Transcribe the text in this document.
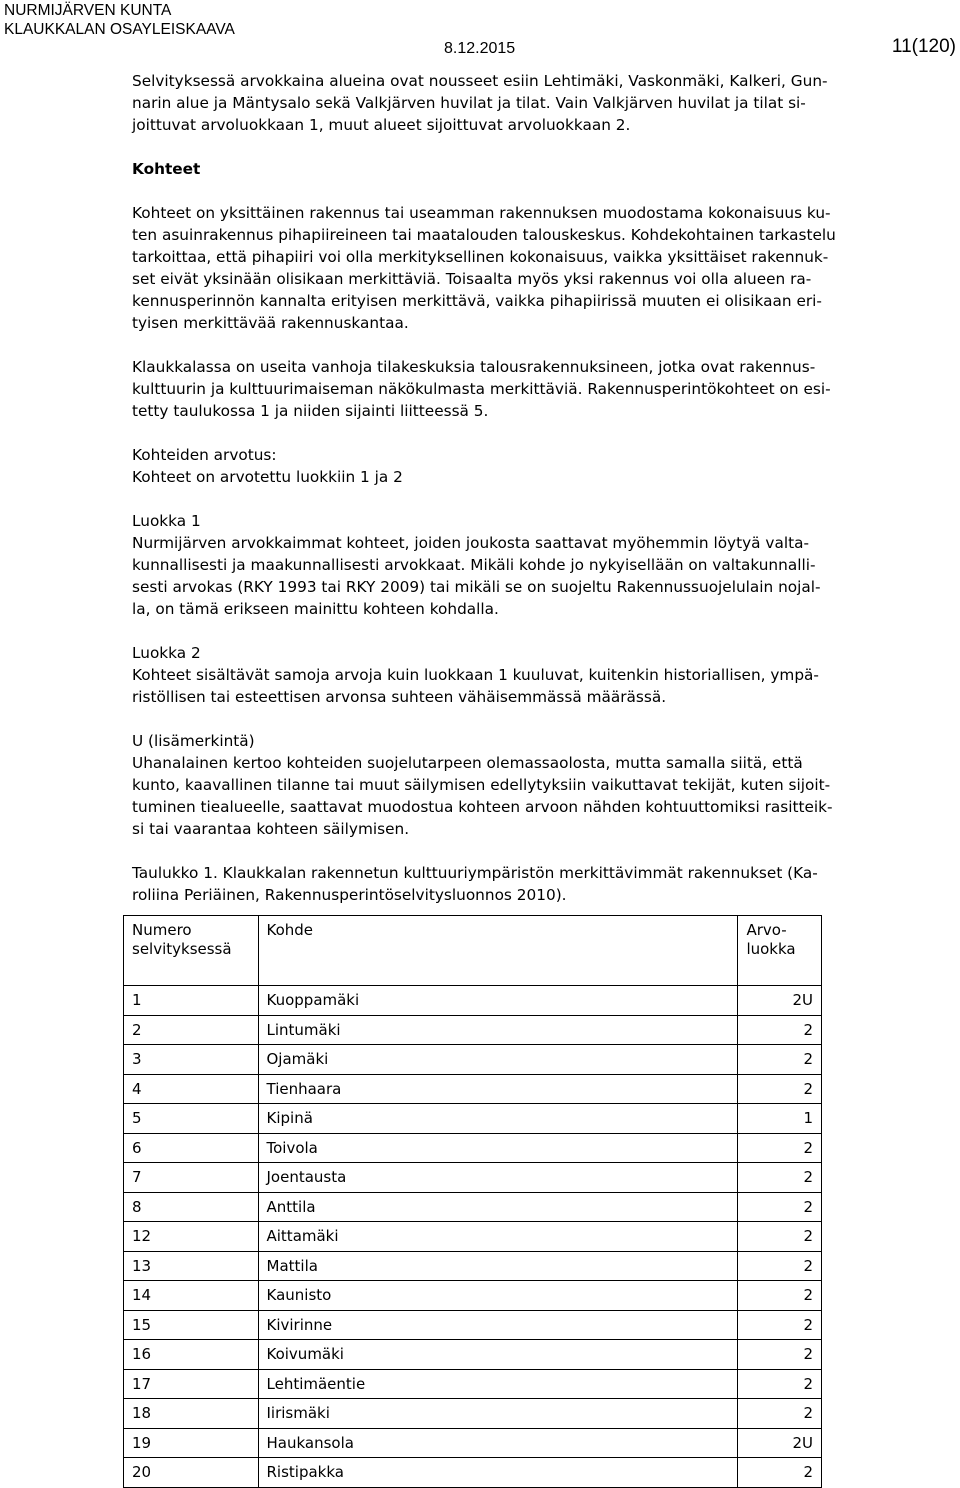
NURMIJÄRVEN KUNTA
KLAUKKALAN OSAYLEISKAAVA
8.12.2015	11(120)

Selvityksessä arvokkaina alueina ovat nousseet esiin Lehtimäki, Vaskonmäki, Kalkeri, Gun-

narin alue ja Mäntysalo sekä Valkjärven huvilat ja tilat. Vain Valkjärven huvilat ja tilat si-

joittuvat arvoluokkaan 1, muut alueet sijoittuvat arvoluokkaan 2.

Kohteet

Kohteet on yksittäinen rakennus tai useamman rakennuksen muodostama kokonaisuus ku-

ten asuinrakennus pihapiireineen tai maatalouden talouskeskus. Kohdekohtainen tarkastelu

tarkoittaa, että pihapiiri voi olla merkityksellinen kokonaisuus, vaikka yksittäiset rakennuk-

set eivät yksinään olisikaan merkittäviä. Toisaalta myös yksi rakennus voi olla alueen ra-

kennusperinnön kannalta erityisen merkittävä, vaikka pihapiirissä muuten ei olisikaan eri-

tyisen merkittävää rakennuskantaa.

Klaukkalassa on useita vanhoja tilakeskuksia talousrakennuksineen, jotka ovat rakennus-

kulttuurin ja kulttuurimaiseman näkökulmasta merkittäviä. Rakennusperintökohteet on esi-

tetty taulukossa 1 ja niiden sijainti liitteessä 5.

Kohteiden arvotus:

Kohteet on arvotettu luokkiin 1 ja 2

Luokka 1

Nurmijärven arvokkaimmat kohteet, joiden joukosta saattavat myöhemmin löytyä valta-

kunnallisesti ja maakunnallisesti arvokkaat. Mikäli kohde jo nykyisellään on valtakunnalli-

sesti arvokas (RKY 1993 tai RKY 2009) tai mikäli se on suojeltu Rakennussuojelulain nojal-

la, on tämä erikseen mainittu kohteen kohdalla.

Luokka 2

Kohteet sisältävät samoja arvoja kuin luokkaan 1 kuuluvat, kuitenkin historiallisen, ympä-

ristöllisen tai esteettisen arvonsa suhteen vähäisemmässä määrässä.

U (lisämerkintä)

Uhanalainen kertoo kohteiden suojelutarpeen olemassaolosta, mutta samalla siitä, että

kunto, kaavallinen tilanne tai muut säilymisen edellytyksiin vaikuttavat tekijät, kuten sijoit-

tuminen tiealueelle, saattavat muodostua kohteen arvoon nähden kohtuuttomiksi rasitteik-

si tai vaarantaa kohteen säilymisen.

Taulukko 1. Klaukkalan rakennetun kulttuuriympäristön merkittävimmät rakennukset (Ka-

roliina Periäinen, Rakennusperintöselvitysluonnos 2010).

Numero
selvityksessä	Kohde	Arvo-
luokka
1	Kuoppamäki	2U
2	Lintumäki	2
3	Ojamäki	2
4	Tienhaara	2
5	Kipinä	1
6	Toivola	2
7	Joentausta	2
8	Anttila	2
12	Aittamäki	2
13	Mattila	2
14	Kaunisto	2
15	Kivirinne	2
16	Koivumäki	2
17	Lehtimäentie	2
18	Iirismäki	2
19	Haukansola	2U
20	Ristipakka	2
